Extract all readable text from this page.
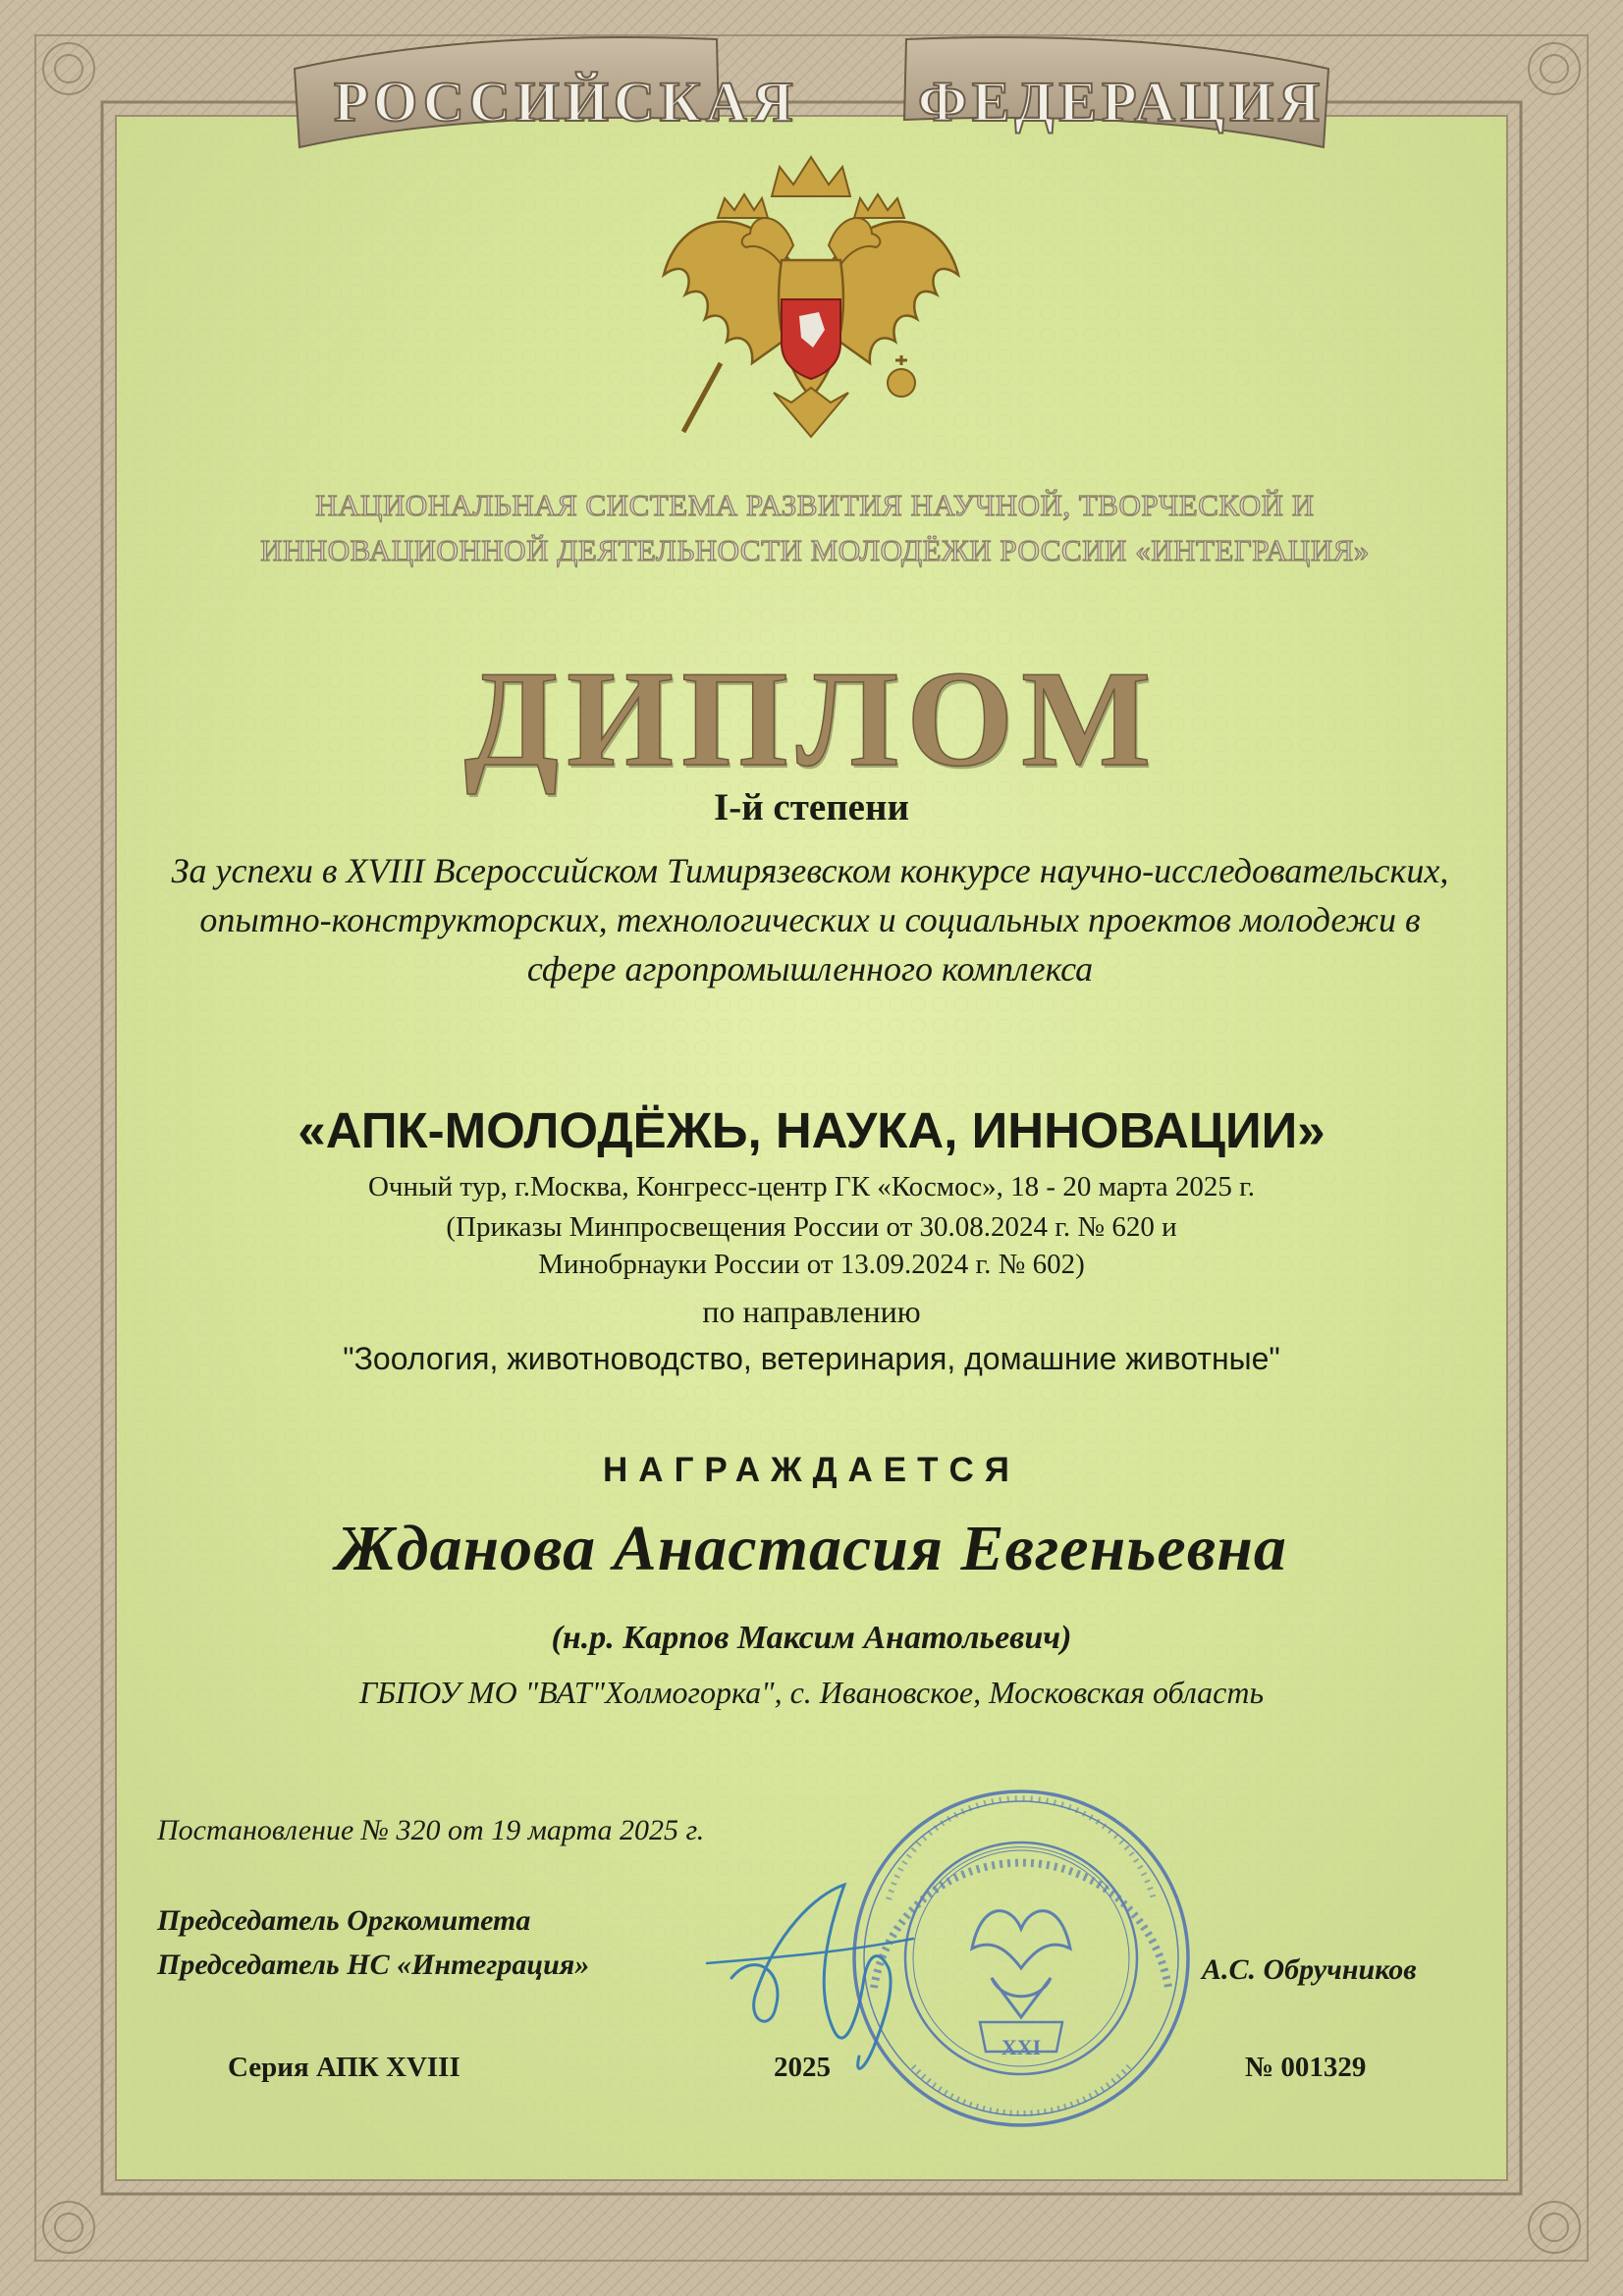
РОССИЙСКАЯ ФЕДЕРАЦИЯ
НАЦИОНАЛЬНАЯ СИСТЕМА РАЗВИТИЯ НАУЧНОЙ, ТВОРЧЕСКОЙ И ИННОВАЦИОННОЙ ДЕЯТЕЛЬНОСТИ МОЛОДЁЖИ РОССИИ «ИНТЕГРАЦИЯ»
ДИПЛОМ
I-й степени
За успехи в XVIII Всероссийском Тимирязевском конкурсе научно-исследовательских, опытно-конструкторских, технологических и социальных проектов молодежи в сфере агропромышленного комплекса
«АПК-МОЛОДЁЖЬ, НАУКА, ИННОВАЦИИ»
Очный тур, г.Москва, Конгресс-центр ГК «Космос», 18 - 20 марта 2025 г.
(Приказы Минпросвещения России от 30.08.2024 г. № 620 и
Минобрнауки России от 13.09.2024 г. № 602)
по направлению
"Зоология, животноводство, ветеринария, домашние животные"
НАГРАЖДАЕТСЯ
Жданова Анастасия Евгеньевна
(н.р. Карпов Максим Анатольевич)
ГБПОУ МО "ВАТ"Холмогорка", с. Ивановское, Московская область
Постановление № 320 от 19 марта 2025 г.
Председатель Оргкомитета
Председатель НС «Интеграция»	А.С. Обручников
Серия АПК XVIII	2025	№ 001329
XXI
